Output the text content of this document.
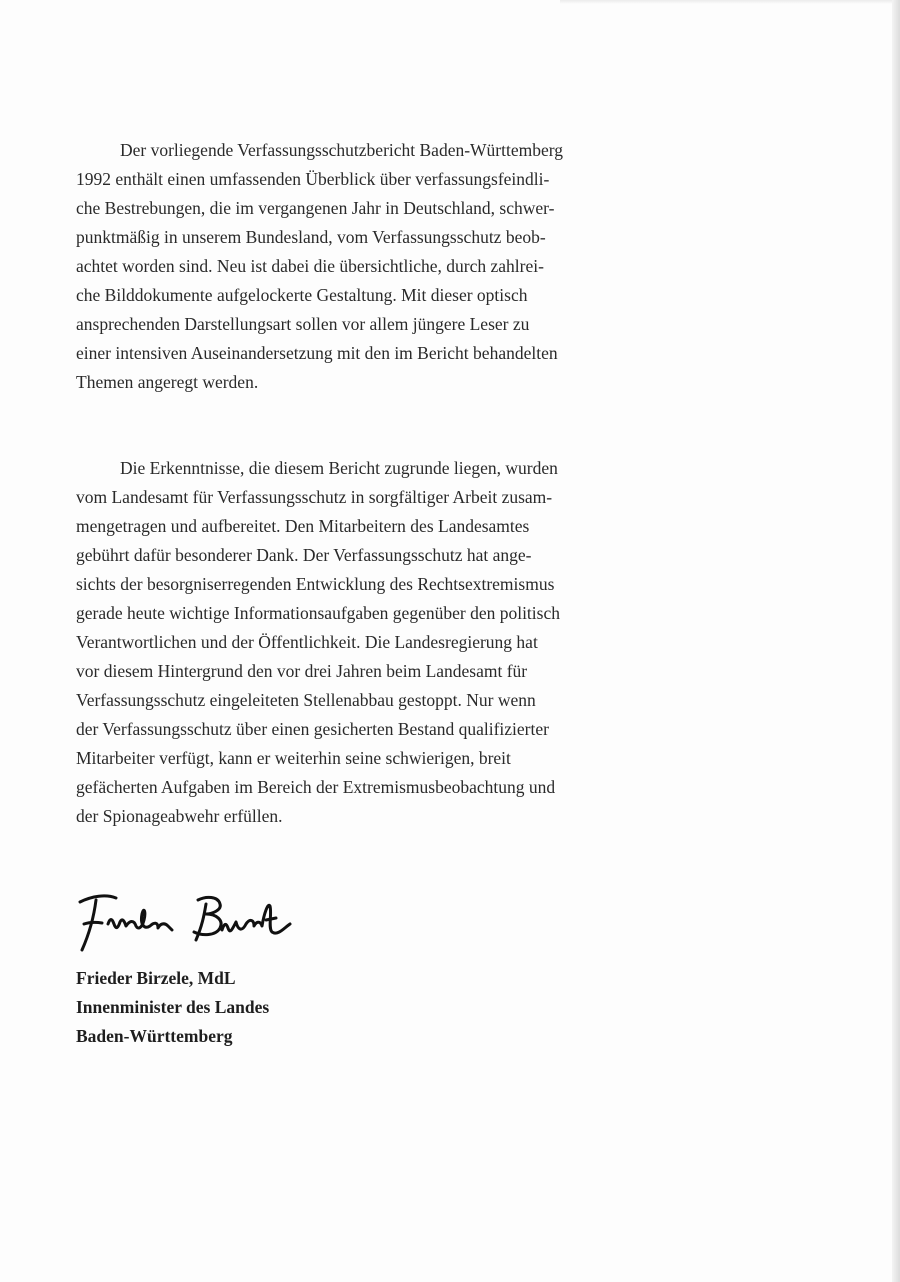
Der vorliegende Verfassungsschutzbericht Baden-Württemberg
1992 enthält einen umfassenden Überblick über verfassungsfeindli-
che Bestrebungen, die im vergangenen Jahr in Deutschland, schwer-
punktmäßig in unserem Bundesland, vom Verfassungsschutz beob-
achtet worden sind. Neu ist dabei die übersichtliche, durch zahlrei-
che Bilddokumente aufgelockerte Gestaltung. Mit dieser optisch
ansprechenden Darstellungsart sollen vor allem jüngere Leser zu
einer intensiven Auseinandersetzung mit den im Bericht behandelten
Themen angeregt werden.
Die Erkenntnisse, die diesem Bericht zugrunde liegen, wurden
vom Landesamt für Verfassungsschutz in sorgfältiger Arbeit zusam-
mengetragen und aufbereitet. Den Mitarbeitern des Landesamtes
gebührt dafür besonderer Dank. Der Verfassungsschutz hat ange-
sichts der besorgniserregenden Entwicklung des Rechtsextremismus
gerade heute wichtige Informationsaufgaben gegenüber den politisch
Verantwortlichen und der Öffentlichkeit. Die Landesregierung hat
vor diesem Hintergrund den vor drei Jahren beim Landesamt für
Verfassungsschutz eingeleiteten Stellenabbau gestoppt. Nur wenn
der Verfassungsschutz über einen gesicherten Bestand qualifizierter
Mitarbeiter verfügt, kann er weiterhin seine schwierigen, breit
gefächerten Aufgaben im Bereich der Extremismusbeobachtung und
der Spionageabwehr erfüllen.
Frieder Birzele, MdL
Innenminister des Landes
Baden-Württemberg
